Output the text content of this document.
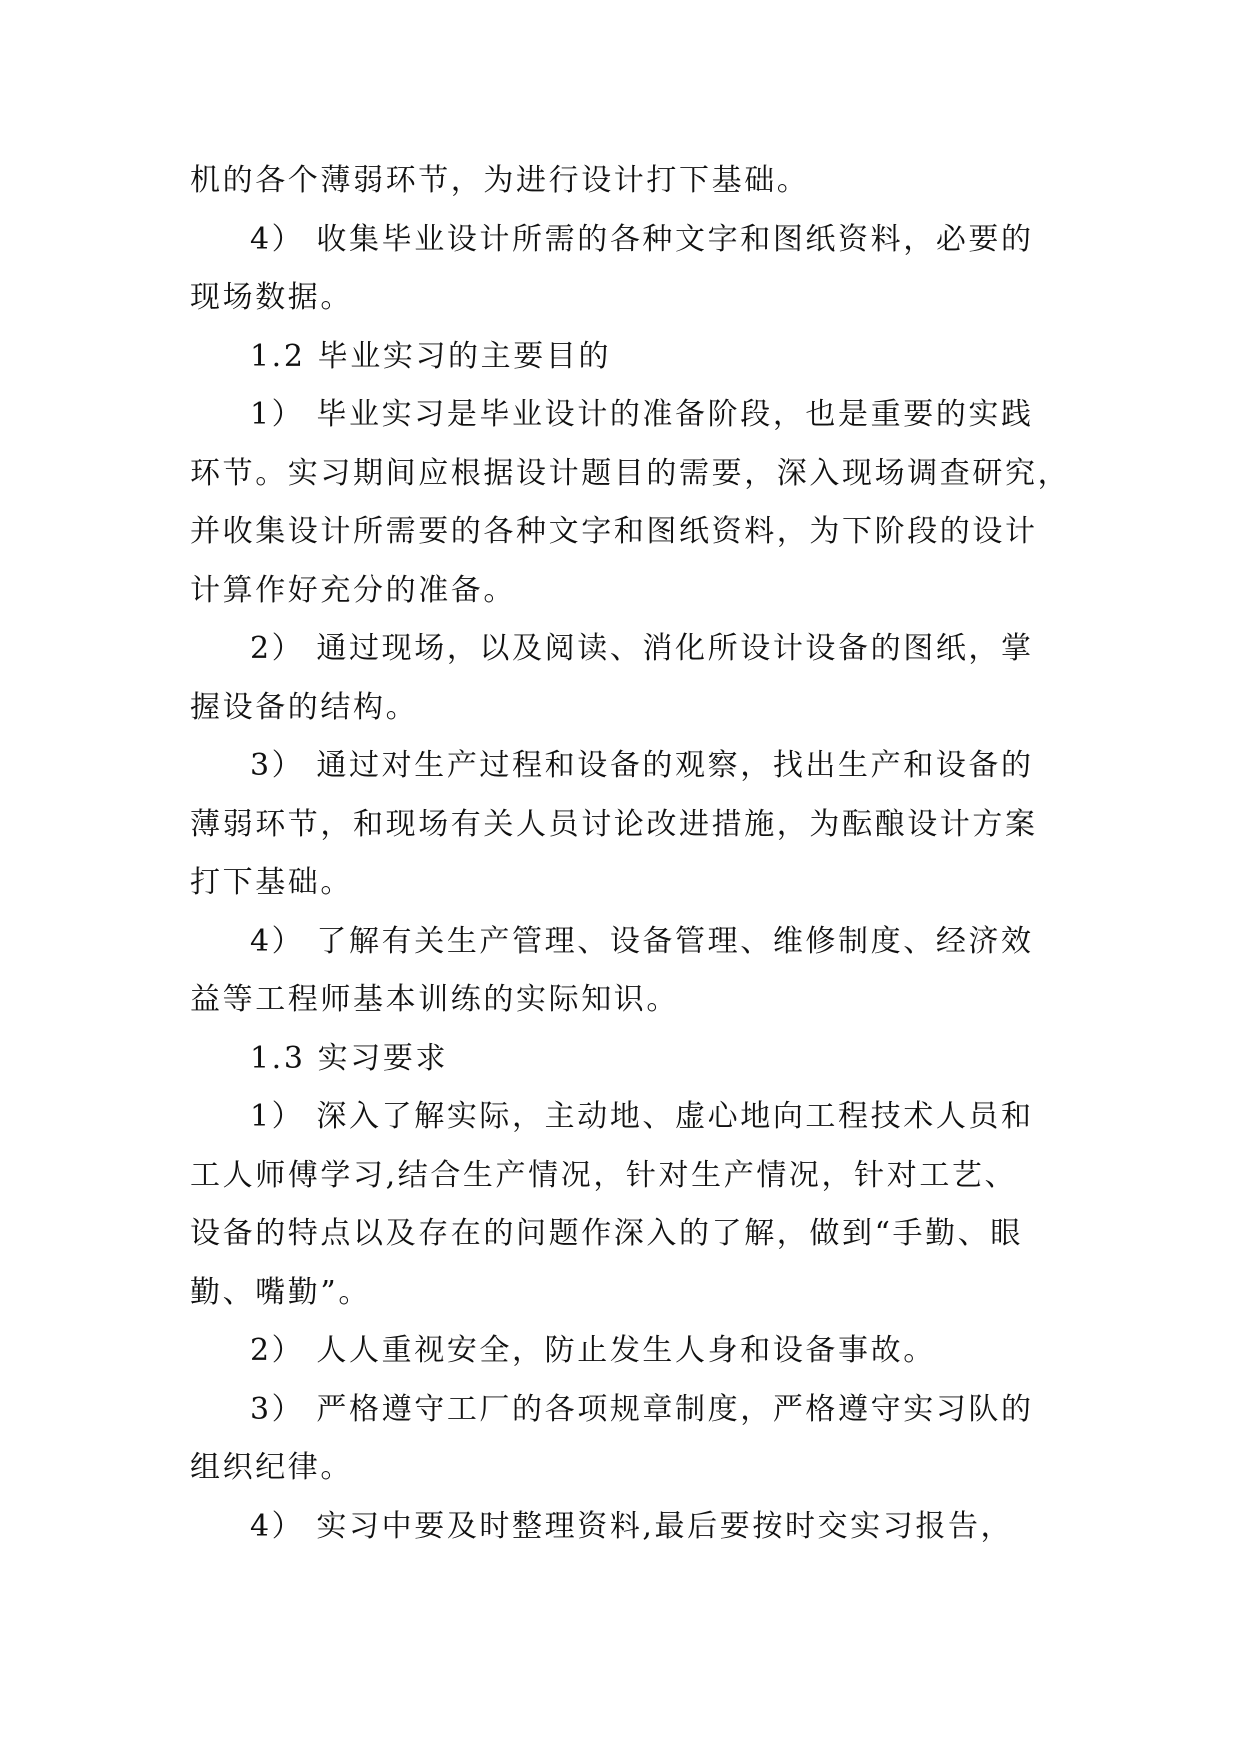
机的各个薄弱环节，为进行设计打下基础。

4） 收集毕业设计所需的各种文字和图纸资料，必要的

现场数据。

1.2 毕业实习的主要目的

1） 毕业实习是毕业设计的准备阶段，也是重要的实践

环节。实习期间应根据设计题目的需要，深入现场调查研究，

并收集设计所需要的各种文字和图纸资料，为下阶段的设计

计算作好充分的准备。

2） 通过现场，以及阅读、消化所设计设备的图纸，掌

握设备的结构。

3） 通过对生产过程和设备的观察，找出生产和设备的

薄弱环节，和现场有关人员讨论改进措施，为酝酿设计方案

打下基础。

4） 了解有关生产管理、设备管理、维修制度、经济效

益等工程师基本训练的实际知识。

1.3 实习要求

1） 深入了解实际，主动地、虚心地向工程技术人员和

工人师傅学习,结合生产情况，针对生产情况，针对工艺、

设备的特点以及存在的问题作深入的了解，做到“手勤、眼

勤、嘴勤”。

2） 人人重视安全，防止发生人身和设备事故。

3） 严格遵守工厂的各项规章制度，严格遵守实习队的

组织纪律。

4） 实习中要及时整理资料,最后要按时交实习报告，
